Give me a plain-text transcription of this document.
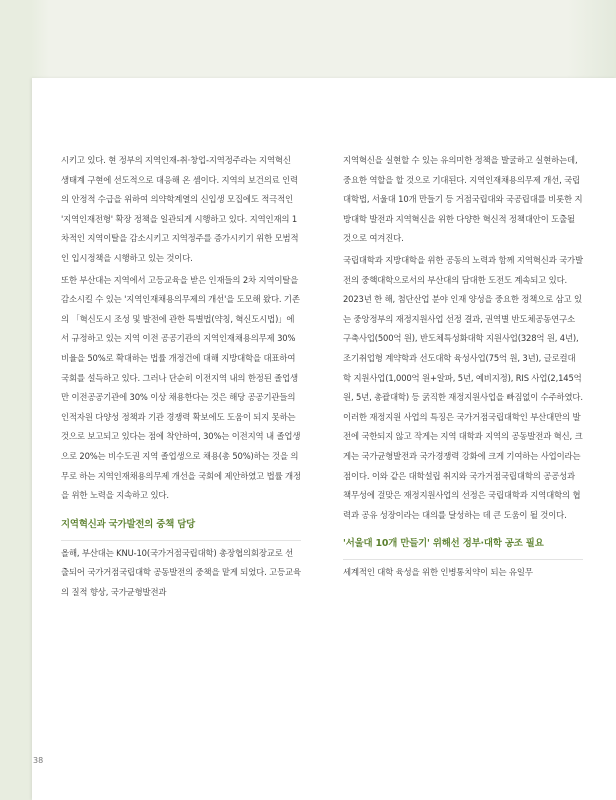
시키고 있다. 현 정부의 지역인재-취·창업-지역정주라는 지역혁신 생태계 구현에 선도적으로 대응해 온 셈이다. 지역의 보건의료 인력의 안정적 수급을 위하여 의약학계열의 신입생 모집에도 적극적인 '지역인재전형' 확장 정책을 일관되게 시행하고 있다. 지역인재의 1차적인 지역이탈을 감소시키고 지역정주를 증가시키기 위한 모범적인 입시정책을 시행하고 있는 것이다.

또한 부산대는 지역에서 고등교육을 받은 인재들의 2차 지역이탈을 감소시킬 수 있는 '지역인재채용의무제의 개선'을 도모해 왔다. 기존의 「혁신도시 조성 및 발전에 관한 특별법(약칭, 혁신도시법)」에서 규정하고 있는 지역 이전 공공기관의 지역인재채용의무제 30% 비율을 50%로 확대하는 법률 개정건에 대해 지방대학을 대표하여 국회를 설득하고 있다. 그러나 단순히 이전지역 내의 한정된 졸업생만 이전공공기관에 30% 이상 채용한다는 것은 해당 공공기관들의 인적자원 다양성 정책과 기관 경쟁력 확보에도 도움이 되지 못하는 것으로 보고되고 있다는 점에 착안하여, 30%는 이전지역 내 졸업생으로 20%는 비수도권 지역 졸업생으로 채용(총 50%)하는 것을 의무로 하는 지역인재채용의무제 개선을 국회에 제안하였고 법률 개정을 위한 노력을 지속하고 있다.

지역혁신과 국가발전의 중책 담당

올해, 부산대는 KNU-10(국가거점국립대학) 총장협의회장교로 선출되어 국가거점국립대학 공동발전의 중책을 맡게 되었다. 고등교육의 질적 향상, 국가균형발전과

지역혁신을 실현할 수 있는 유의미한 정책을 발굴하고 실현하는데, 중요한 역할을 할 것으로 기대된다. 지역인재채용의무제 개선, 국립대학법, 서울대 10개 만들기 등 거점국립대와 국공립대를 비롯한 지방대학 발전과 지역혁신을 위한 다양한 혁신적 정책대안이 도출될 것으로 여겨진다.

국립대학과 지방대학을 위한 공동의 노력과 함께 지역혁신과 국가발전의 중핵대학으로서의 부산대의 담대한 도전도 계속되고 있다. 2023년 한 해, 첨단산업 분야 인재 양성을 중요한 정책으로 삼고 있는 중앙정부의 재정지원사업 선정 결과, 권역별 반도체공동연구소 구축사업(500억 원), 반도체특성화대학 지원사업(328억 원, 4년), 조기취업형 계약학과 선도대학 육성사업(75억 원, 3년), 글로컬대학 지원사업(1,000억 원+알파, 5년, 예비지정), RIS 사업(2,145억 원, 5년, 총괄대학) 등 굵직한 재정지원사업을 빠짐없이 수주하였다. 이러한 재정지원 사업의 특징은 국가거점국립대학인 부산대만의 발전에 국한되지 않고 작게는 지역 대학과 지역의 공동발전과 혁신, 크게는 국가균형발전과 국가경쟁력 강화에 크게 기여하는 사업이라는 점이다. 이와 같은 대학설립 취지와 국가거점국립대학의 공공성과 책무성에 걸맞은 재정지원사업의 선정은 국립대학과 지역대학의 협력과 공유 성장이라는 대의를 달성하는 데 큰 도움이 될 것이다.

'서울대 10개 만들기' 위해선 정부·대학 공조 필요

세계적인 대학 육성을 위한 인병통치약이 되는 유일무

38
